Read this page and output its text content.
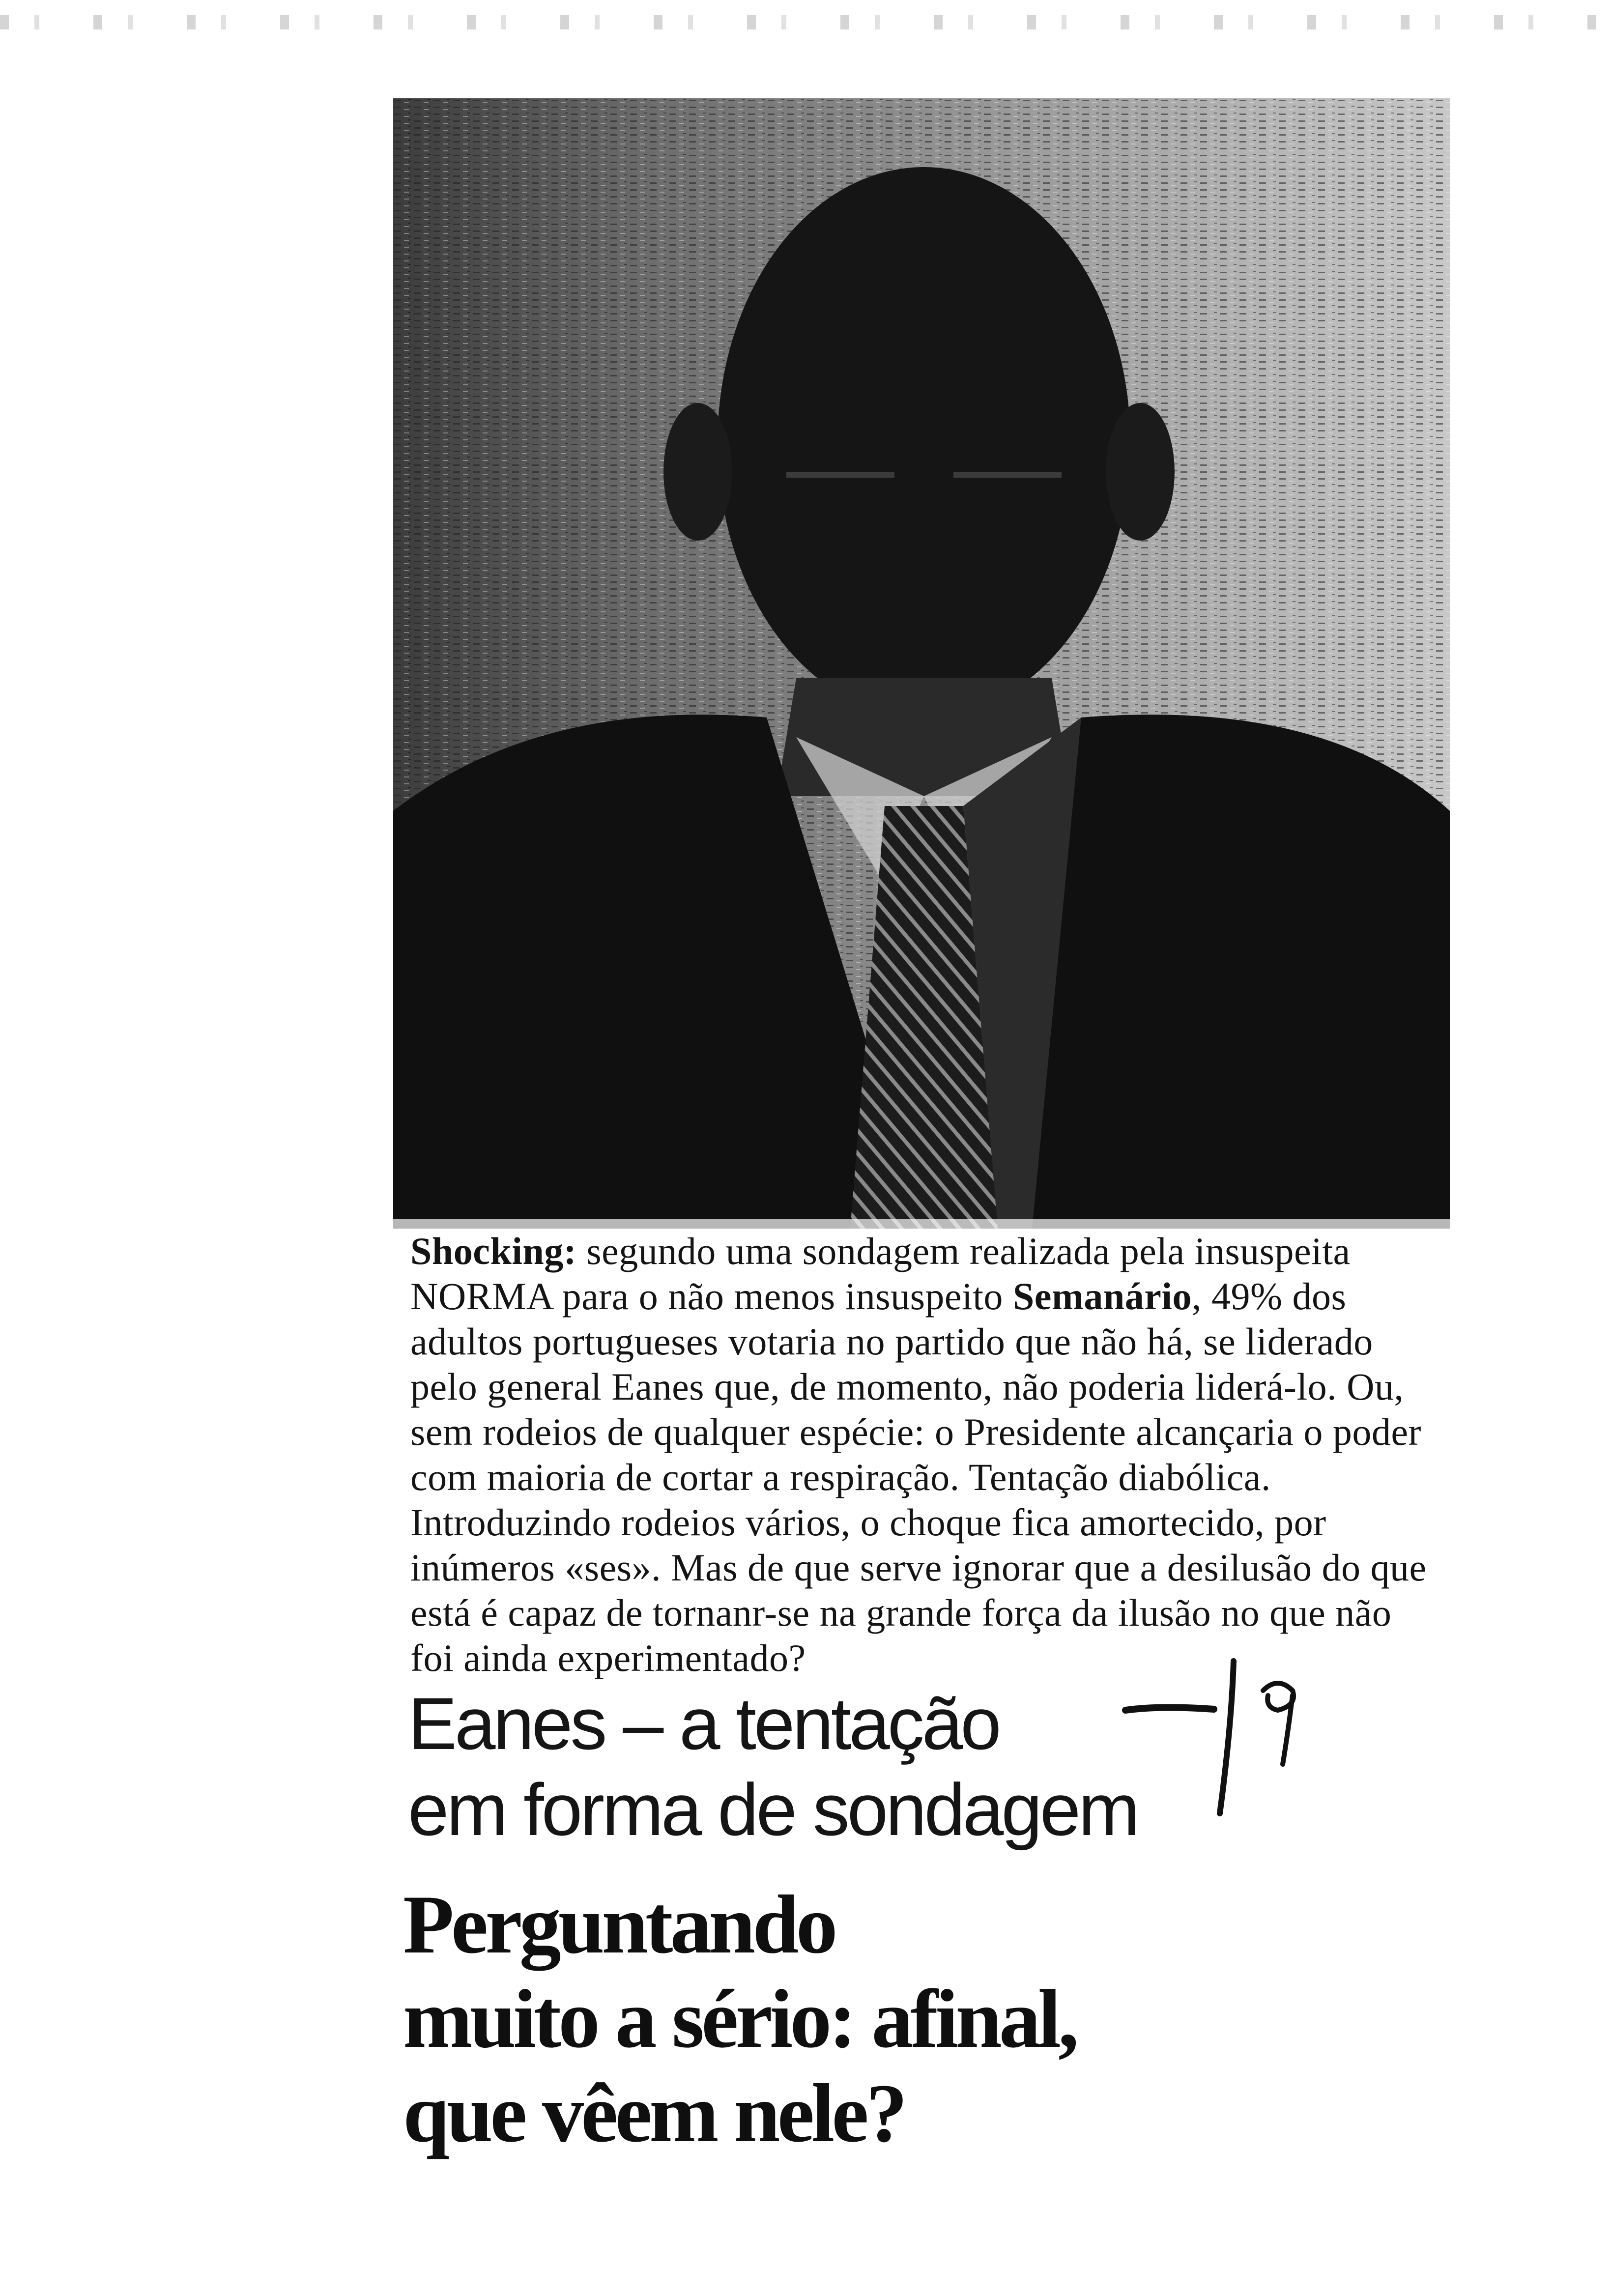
Shocking: segundo uma sondagem realizada pela insuspeita NORMA para o não menos insuspeito Semanário, 49% dos adultos portugueses votaria no partido que não há, se liderado pelo general Eanes que, de momento, não poderia liderá-lo. Ou, sem rodeios de qualquer espécie: o Presidente alcançaria o poder com maioria de cortar a respiração. Tentação diabólica.

Introduzindo rodeios vários, o choque fica amortecido, por inúmeros «ses». Mas de que serve ignorar que a desilusão do que está é capaz de tornanr-se na grande força da ilusão no que não foi ainda experimentado?

Eanes – a tentação
em forma de sondagem
Perguntando
muito a sério: afinal,
que vêem nele?
